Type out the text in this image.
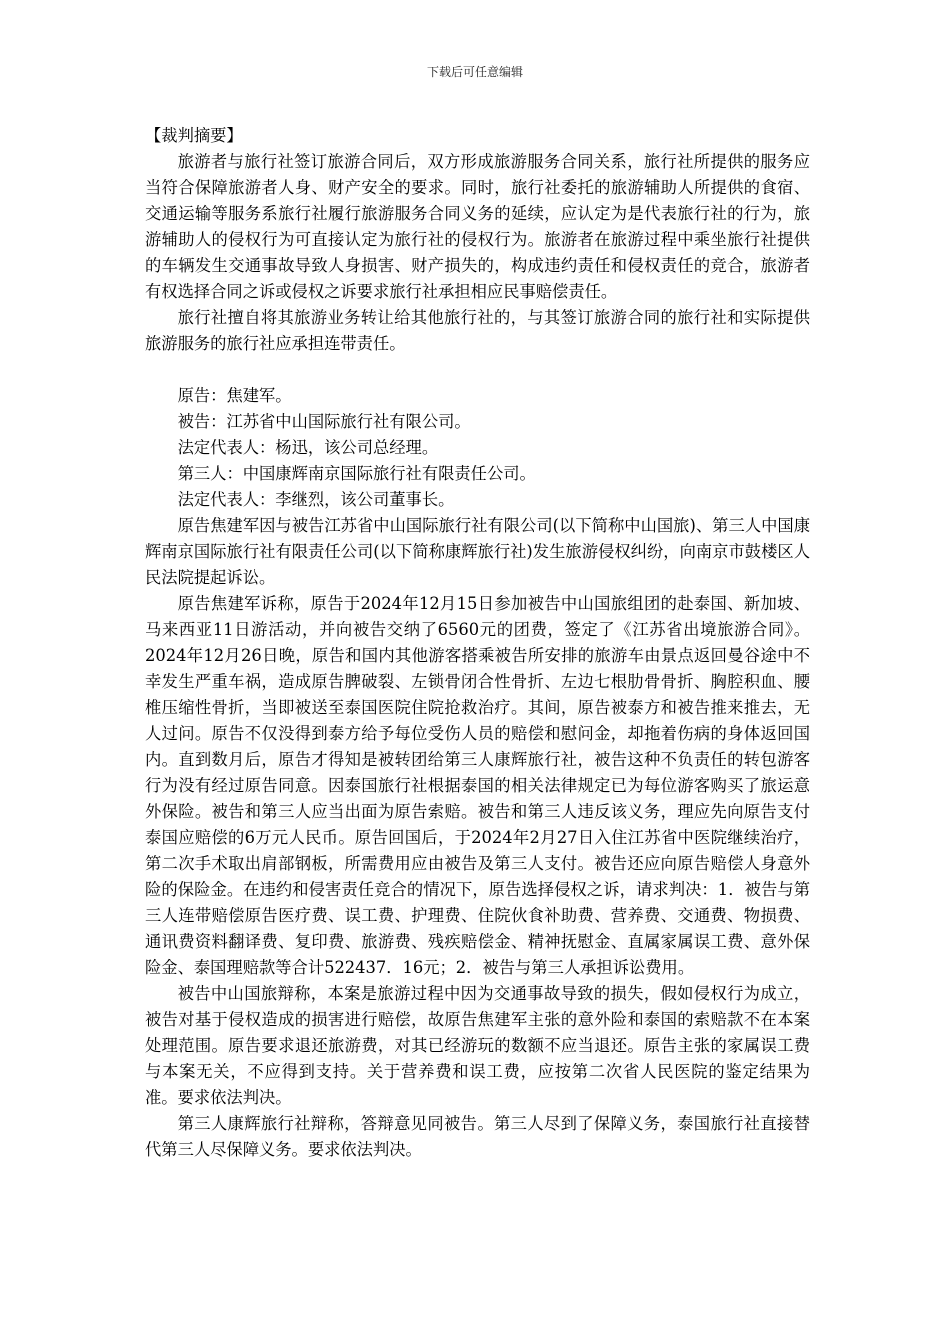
下载后可任意编辑

【裁判摘要】

旅游者与旅行社签订旅游合同后，双方形成旅游服务合同关系，旅行社所提供的服务应当符合保障旅游者人身、财产安全的要求。同时，旅行社委托的旅游辅助人所提供的食宿、交通运输等服务系旅行社履行旅游服务合同义务的延续，应认定为是代表旅行社的行为，旅游辅助人的侵权行为可直接认定为旅行社的侵权行为。旅游者在旅游过程中乘坐旅行社提供的车辆发生交通事故导致人身损害、财产损失的，构成违约责任和侵权责任的竞合，旅游者有权选择合同之诉或侵权之诉要求旅行社承担相应民事赔偿责任。

旅行社擅自将其旅游业务转让给其他旅行社的，与其签订旅游合同的旅行社和实际提供旅游服务的旅行社应承担连带责任。

原告：焦建军。

被告：江苏省中山国际旅行社有限公司。

法定代表人：杨迅，该公司总经理。

第三人：中国康辉南京国际旅行社有限责任公司。

法定代表人：李继烈，该公司董事长。

原告焦建军因与被告江苏省中山国际旅行社有限公司(以下简称中山国旅)、第三人中国康辉南京国际旅行社有限责任公司(以下简称康辉旅行社)发生旅游侵权纠纷，向南京市鼓楼区人民法院提起诉讼。

原告焦建军诉称，原告于2024年12月15日参加被告中山国旅组团的赴泰国、新加坡、马来西亚11日游活动，并向被告交纳了6560元的团费，签定了《江苏省出境旅游合同》。2024年12月26日晚，原告和国内其他游客搭乘被告所安排的旅游车由景点返回曼谷途中不幸发生严重车祸，造成原告脾破裂、左锁骨闭合性骨折、左边七根肋骨骨折、胸腔积血、腰椎压缩性骨折，当即被送至泰国医院住院抢救治疗。其间，原告被泰方和被告推来推去，无人过问。原告不仅没得到泰方给予每位受伤人员的赔偿和慰问金，却拖着伤病的身体返回国内。直到数月后，原告才得知是被转团给第三人康辉旅行社，被告这种不负责任的转包游客行为没有经过原告同意。因泰国旅行社根据泰国的相关法律规定已为每位游客购买了旅运意外保险。被告和第三人应当出面为原告索赔。被告和第三人违反该义务，理应先向原告支付泰国应赔偿的6万元人民币。原告回国后，于2024年2月27日入住江苏省中医院继续治疗，第二次手术取出肩部钢板，所需费用应由被告及第三人支付。被告还应向原告赔偿人身意外险的保险金。在违约和侵害责任竞合的情况下，原告选择侵权之诉，请求判决：1．被告与第三人连带赔偿原告医疗费、误工费、护理费、住院伙食补助费、营养费、交通费、物损费、通讯费资料翻译费、复印费、旅游费、残疾赔偿金、精神抚慰金、直属家属误工费、意外保险金、泰国理赔款等合计522437．16元；2．被告与第三人承担诉讼费用。

被告中山国旅辩称，本案是旅游过程中因为交通事故导致的损失，假如侵权行为成立，被告对基于侵权造成的损害进行赔偿，故原告焦建军主张的意外险和泰国的索赔款不在本案处理范围。原告要求退还旅游费，对其已经游玩的数额不应当退还。原告主张的家属误工费与本案无关，不应得到支持。关于营养费和误工费，应按第二次省人民医院的鉴定结果为准。要求依法判决。

第三人康辉旅行社辩称，答辩意见同被告。第三人尽到了保障义务，泰国旅行社直接替代第三人尽保障义务。要求依法判决。
